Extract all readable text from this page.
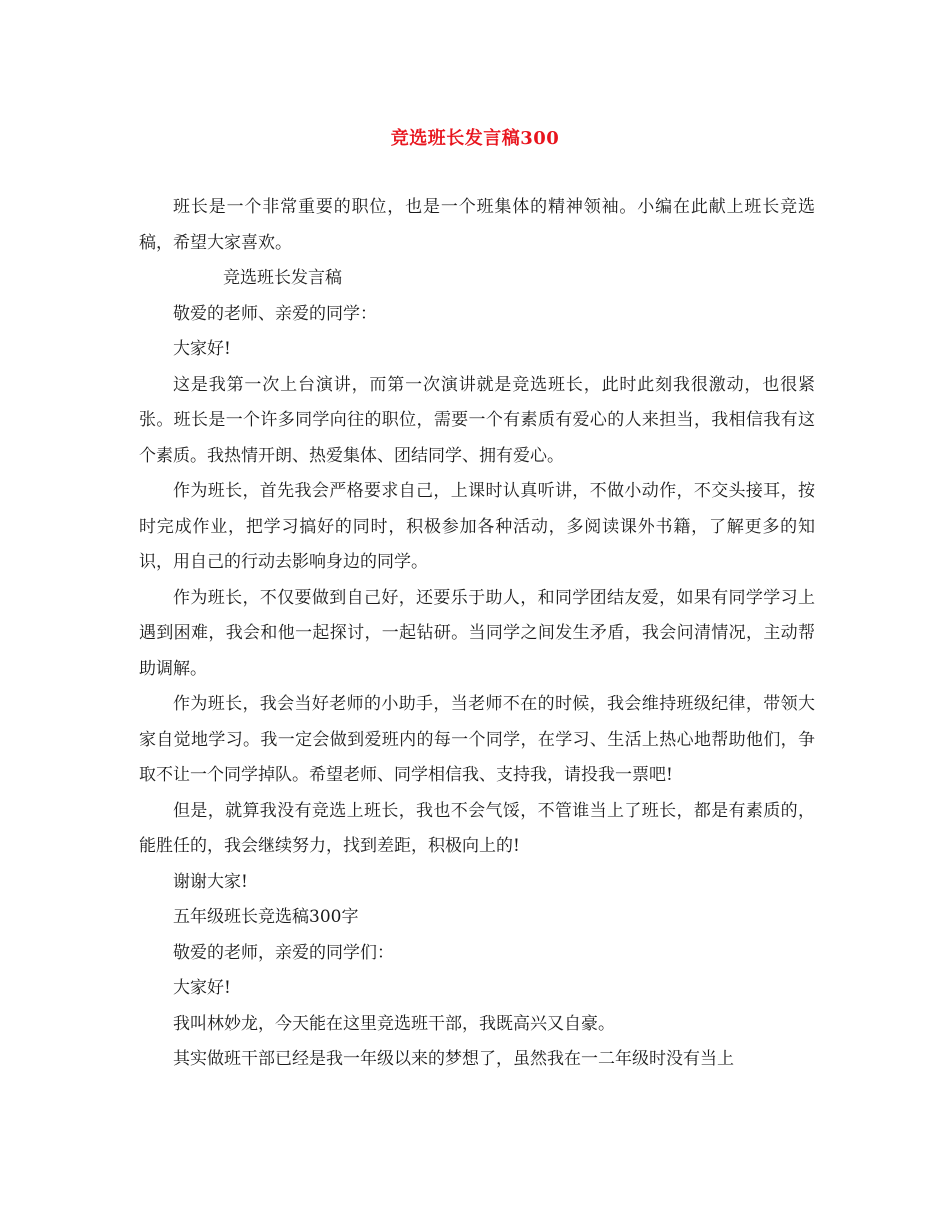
竞选班长发言稿300

班长是一个非常重要的职位，也是一个班集体的精神领袖。小编在此献上班长竞选稿，希望大家喜欢。

竞选班长发言稿

敬爱的老师、亲爱的同学：

大家好!

这是我第一次上台演讲，而第一次演讲就是竞选班长，此时此刻我很激动，也很紧张。班长是一个许多同学向往的职位，需要一个有素质有爱心的人来担当，我相信我有这个素质。我热情开朗、热爱集体、团结同学、拥有爱心。

作为班长，首先我会严格要求自己，上课时认真听讲，不做小动作，不交头接耳，按时完成作业，把学习搞好的同时，积极参加各种活动，多阅读课外书籍，了解更多的知识，用自己的行动去影响身边的同学。

作为班长，不仅要做到自己好，还要乐于助人，和同学团结友爱，如果有同学学习上遇到困难，我会和他一起探讨，一起钻研。当同学之间发生矛盾，我会问清情况，主动帮助调解。

作为班长，我会当好老师的小助手，当老师不在的时候，我会维持班级纪律，带领大家自觉地学习。我一定会做到爱班内的每一个同学，在学习、生活上热心地帮助他们，争取不让一个同学掉队。希望老师、同学相信我、支持我，请投我一票吧!

但是，就算我没有竞选上班长，我也不会气馁，不管谁当上了班长，都是有素质的，能胜任的，我会继续努力，找到差距，积极向上的!

谢谢大家!

五年级班长竞选稿300字

敬爱的老师，亲爱的同学们：

大家好!

我叫林妙龙，今天能在这里竞选班干部，我既高兴又自豪。

其实做班干部已经是我一年级以来的梦想了，虽然我在一二年级时没有当上
